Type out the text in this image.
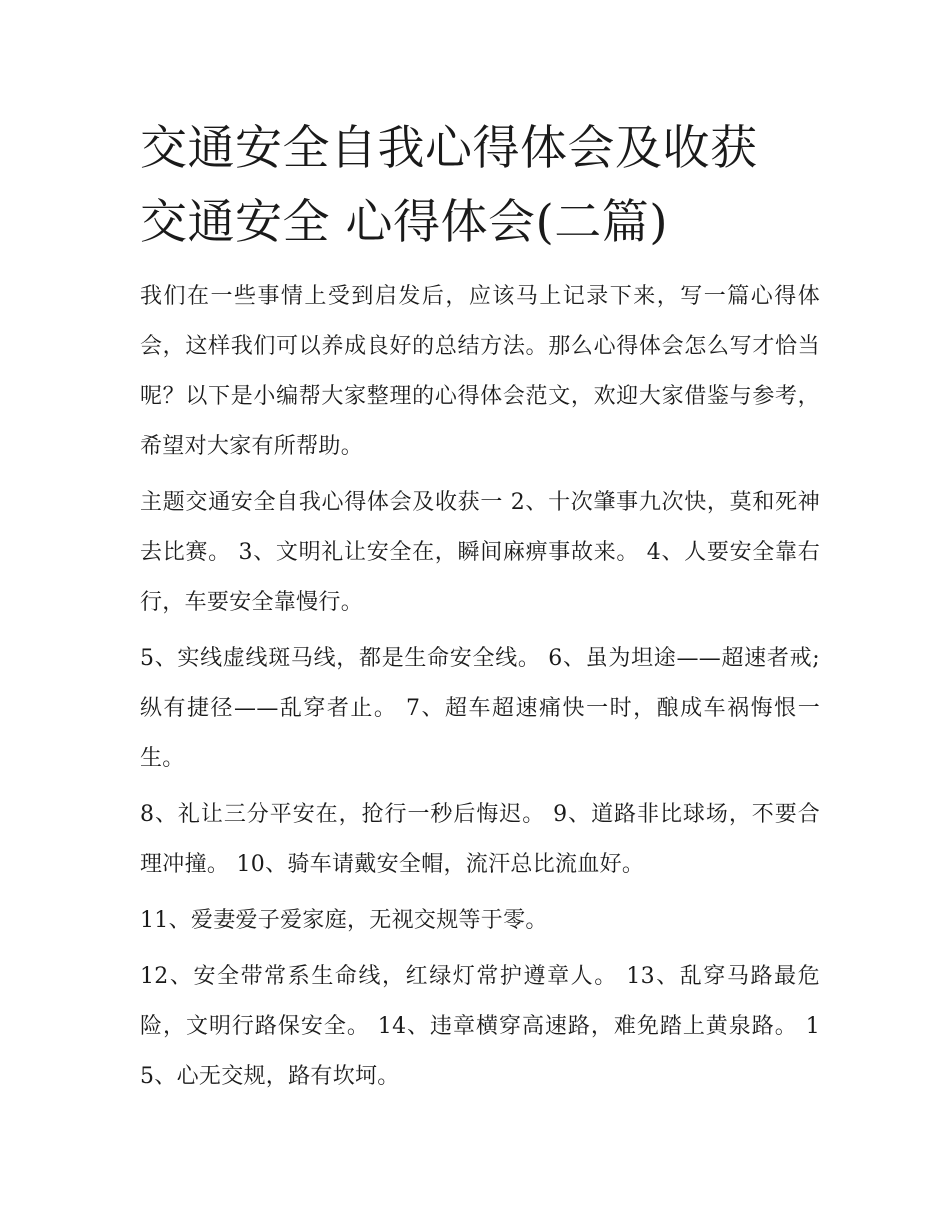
交通安全自我心得体会及收获
交通安全 心得体会(二篇)

我们在一些事情上受到启发后，应该马上记录下来，写一篇心得体会，这样我们可以养成良好的总结方法。那么心得体会怎么写才恰当呢？以下是小编帮大家整理的心得体会范文，欢迎大家借鉴与参考，希望对大家有所帮助。

主题交通安全自我心得体会及收获一 2、十次肇事九次快，莫和死神去比赛。 3、文明礼让安全在，瞬间麻痹事故来。 4、人要安全靠右行，车要安全靠慢行。

5、实线虚线斑马线，都是生命安全线。 6、虽为坦途——超速者戒;纵有捷径——乱穿者止。 7、超车超速痛快一时，酿成车祸悔恨一生。

8、礼让三分平安在，抢行一秒后悔迟。 9、道路非比球场，不要合理冲撞。 10、骑车请戴安全帽，流汗总比流血好。

11、爱妻爱子爱家庭，无视交规等于零。

12、安全带常系生命线，红绿灯常护遵章人。 13、乱穿马路最危险，文明行路保安全。 14、违章横穿高速路，难免踏上黄泉路。 15、心无交规，路有坎坷。
